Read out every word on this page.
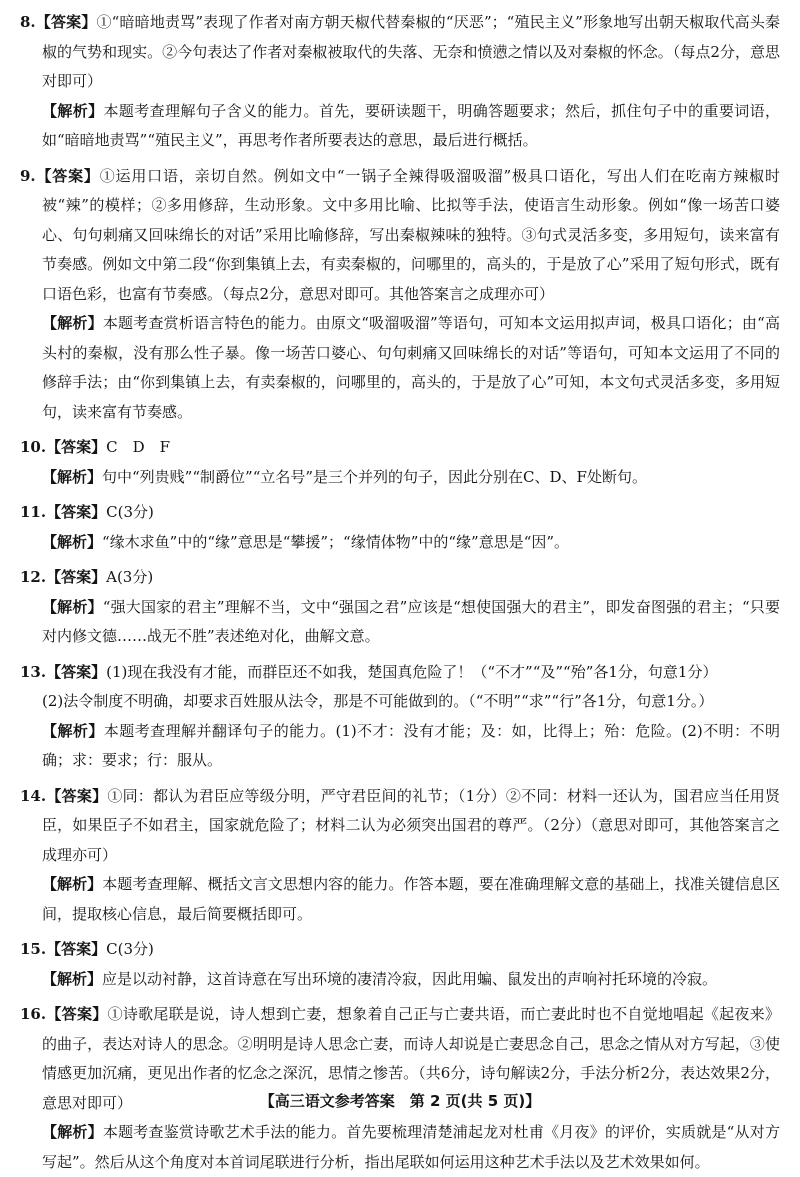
8.【答案】①“暗暗地责骂”表现了作者对南方朝天椒代替秦椒的“厌恶”；“殖民主义”形象地写出朝天椒取代高头秦椒的气势和现实。②今句表达了作者对秦椒被取代的失落、无奈和愤懑之情以及对秦椒的怀念。（每点2分，意思对即可）

【解析】本题考查理解句子含义的能力。首先，要研读题干，明确答题要求；然后，抓住句子中的重要词语，如“暗暗地责骂”“殖民主义”，再思考作者所要表达的意思，最后进行概括。

9.【答案】①运用口语，亲切自然。例如文中“一锅子全辣得吸溜吸溜”极具口语化，写出人们在吃南方辣椒时被“辣”的模样；②多用修辞，生动形象。文中多用比喻、比拟等手法，使语言生动形象。例如“像一场苦口婆心、句句刺痛又回味绵长的对话”采用比喻修辞，写出秦椒辣味的独特。③句式灵活多变，多用短句，读来富有节奏感。例如文中第二段“你到集镇上去，有卖秦椒的，问哪里的，高头的，于是放了心”采用了短句形式，既有口语色彩，也富有节奏感。（每点2分，意思对即可。其他答案言之成理亦可）

【解析】本题考查赏析语言特色的能力。由原文“吸溜吸溜”等语句，可知本文运用拟声词，极具口语化；由“高头村的秦椒，没有那么性子暴。像一场苦口婆心、句句刺痛又回味绵长的对话”等语句，可知本文运用了不同的修辞手法；由“你到集镇上去，有卖秦椒的，问哪里的，高头的，于是放了心”可知，本文句式灵活多变，多用短句，读来富有节奏感。

10.【答案】C　D　F

【解析】句中“列贵贱”“制爵位”“立名号”是三个并列的句子，因此分别在C、D、F处断句。

11.【答案】C(3分)

【解析】“缘木求鱼”中的“缘”意思是“攀援”；“缘情体物”中的“缘”意思是“因”。

12.【答案】A(3分)

【解析】“强大国家的君主”理解不当，文中“强国之君”应该是“想使国强大的君主”，即发奋图强的君主；“只要对内修文德……战无不胜”表述绝对化，曲解文意。

13.【答案】(1)现在我没有才能，而群臣还不如我，楚国真危险了！（“不才”“及”“殆”各1分，句意1分）

(2)法令制度不明确，却要求百姓服从法令，那是不可能做到的。（“不明”“求”“行”各1分，句意1分。）

【解析】本题考查理解并翻译句子的能力。(1)不才：没有才能；及：如，比得上；殆：危险。(2)不明：不明确；求：要求；行：服从。

14.【答案】①同：都认为君臣应等级分明，严守君臣间的礼节；（1分）②不同：材料一还认为，国君应当任用贤臣，如果臣子不如君主，国家就危险了；材料二认为必须突出国君的尊严。（2分）（意思对即可，其他答案言之成理亦可）

【解析】本题考查理解、概括文言文思想内容的能力。作答本题，要在准确理解文意的基础上，找准关键信息区间，提取核心信息，最后简要概括即可。

15.【答案】C(3分)

【解析】应是以动衬静，这首诗意在写出环境的凄清冷寂，因此用蝙、鼠发出的声响衬托环境的冷寂。

16.【答案】①诗歌尾联是说，诗人想到亡妻，想象着自己正与亡妻共语，而亡妻此时也不自觉地唱起《起夜来》的曲子，表达对诗人的思念。②明明是诗人思念亡妻，而诗人却说是亡妻思念自己，思念之情从对方写起，③使情感更加沉痛，更见出作者的忆念之深沉，思情之惨苦。（共6分，诗句解读2分，手法分析2分，表达效果2分，意思对即可）

【解析】本题考查鉴赏诗歌艺术手法的能力。首先要梳理清楚浦起龙对杜甫《月夜》的评价，实质就是“从对方写起”。然后从这个角度对本首词尾联进行分析，指出尾联如何运用这种艺术手法以及艺术效果如何。

【高三语文参考答案　第 2 页(共 5 页)】
